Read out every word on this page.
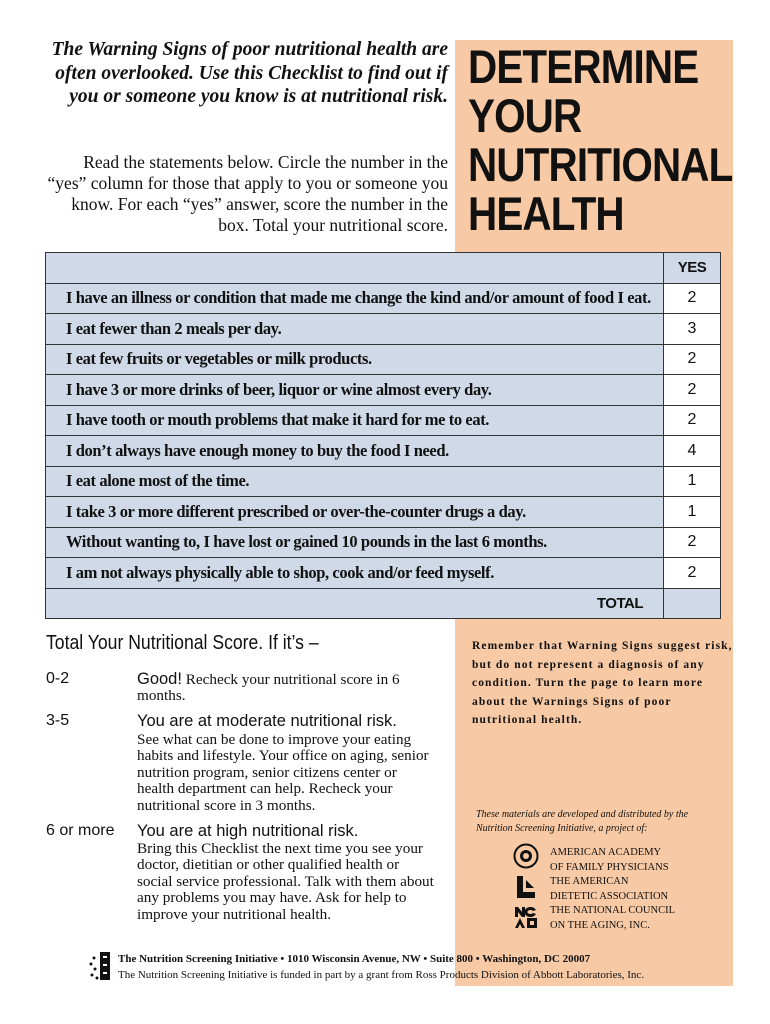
The Warning Signs of poor nutritional health are often overlooked. Use this Checklist to find out if you or someone you know is at nutritional risk.
Read the statements below. Circle the number in the “yes” column for those that apply to you or someone you know. For each “yes” answer, score the number in the box. Total your nutritional score.
DETERMINE
YOUR
NUTRITIONAL
HEALTH
	YES
I have an illness or condition that made me change the kind and/or amount of food I eat.	2
I eat fewer than 2 meals per day.	3
I eat few fruits or vegetables or milk products.	2
I have 3 or more drinks of beer, liquor or wine almost every day.	2
I have tooth or mouth problems that make it hard for me to eat.	2
I don’t always have enough money to buy the food I need.	4
I eat alone most of the time.	1
I take 3 or more different prescribed or over-the-counter drugs a day.	1
Without wanting to, I have lost or gained 10 pounds in the last 6 months.	2
I am not always physically able to shop, cook and/or feed myself.	2
TOTAL	
Total Your Nutritional Score. If it’s –
0-2	Good! Recheck your nutritional score in 6 months.
3-5	You are at moderate nutritional risk.
See what can be done to improve your eating habits and lifestyle. Your office on aging, senior nutrition program, senior citizens center or health department can help. Recheck your nutritional score in 3 months.
6 or more You are at high nutritional risk.
Bring this Checklist the next time you see your doctor, dietitian or other qualified health or social service professional. Talk with them about any problems you may have. Ask for help to improve your nutritional health.
Remember that Warning Signs suggest risk, but do not represent a diagnosis of any condition. Turn the page to learn more about the Warnings Signs of poor nutritional health.
These materials are developed and distributed by the Nutrition Screening Initiative, a project of:
AMERICAN ACADEMY
OF FAMILY PHYSICIANS
THE AMERICAN
DIETETIC ASSOCIATION
THE NATIONAL COUNCIL
ON THE AGING, INC.
The Nutrition Screening Initiative • 1010 Wisconsin Avenue, NW • Suite 800 • Washington, DC 20007
The Nutrition Screening Initiative is funded in part by a grant from Ross Products Division of Abbott Laboratories, Inc.
